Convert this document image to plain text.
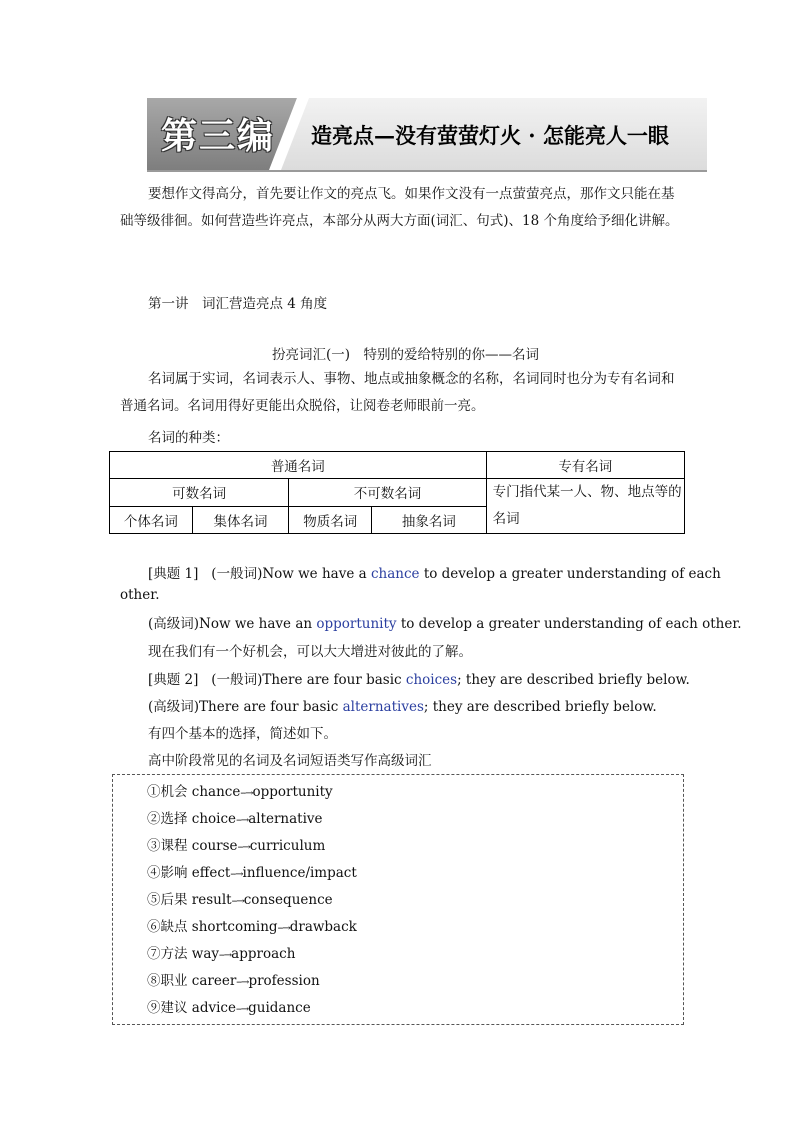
第三编 造亮点—没有萤萤灯火 · 怎能亮人一眼

要想作文得高分，首先要让作文的亮点飞。如果作文没有一点萤萤亮点，那作文只能在基础等级徘徊。如何营造些许亮点，本部分从两大方面(词汇、句式)、18 个角度给予细化讲解。

第一讲　词汇营造亮点 4 角度

扮亮词汇(一)　特别的爱给特别的你——名词

名词属于实词，名词表示人、事物、地点或抽象概念的名称，名词同时也分为专有名词和普通名词。名词用得好更能出众脱俗，让阅卷老师眼前一亮。

名词的种类：

普通名词				专有名词
可数名词		不可数名词		专门指代某一人、物、地点等的名词
个体名词	集体名词	物质名词	抽象名词	

[典题 1] (一般词)Now we have a chance to develop a greater understanding of each

other.

(高级词)Now we have an opportunity to develop a greater understanding of each other.

现在我们有一个好机会，可以大大增进对彼此的了解。

[典题 2] (一般词)There are four basic choices; they are described briefly below.

(高级词)There are four basic alternatives; they are described briefly below.

有四个基本的选择，简述如下。

高中阶段常见的名词及名词短语类写作高级词汇

①机会 chance--→opportunity
②选择 choice--→alternative
③课程 course--→curriculum
④影响 effect--→influence/impact
⑤后果 result--→consequence
⑥缺点 shortcoming--→drawback
⑦方法 way--→approach
⑧职业 career--→profession
⑨建议 advice--→guidance
